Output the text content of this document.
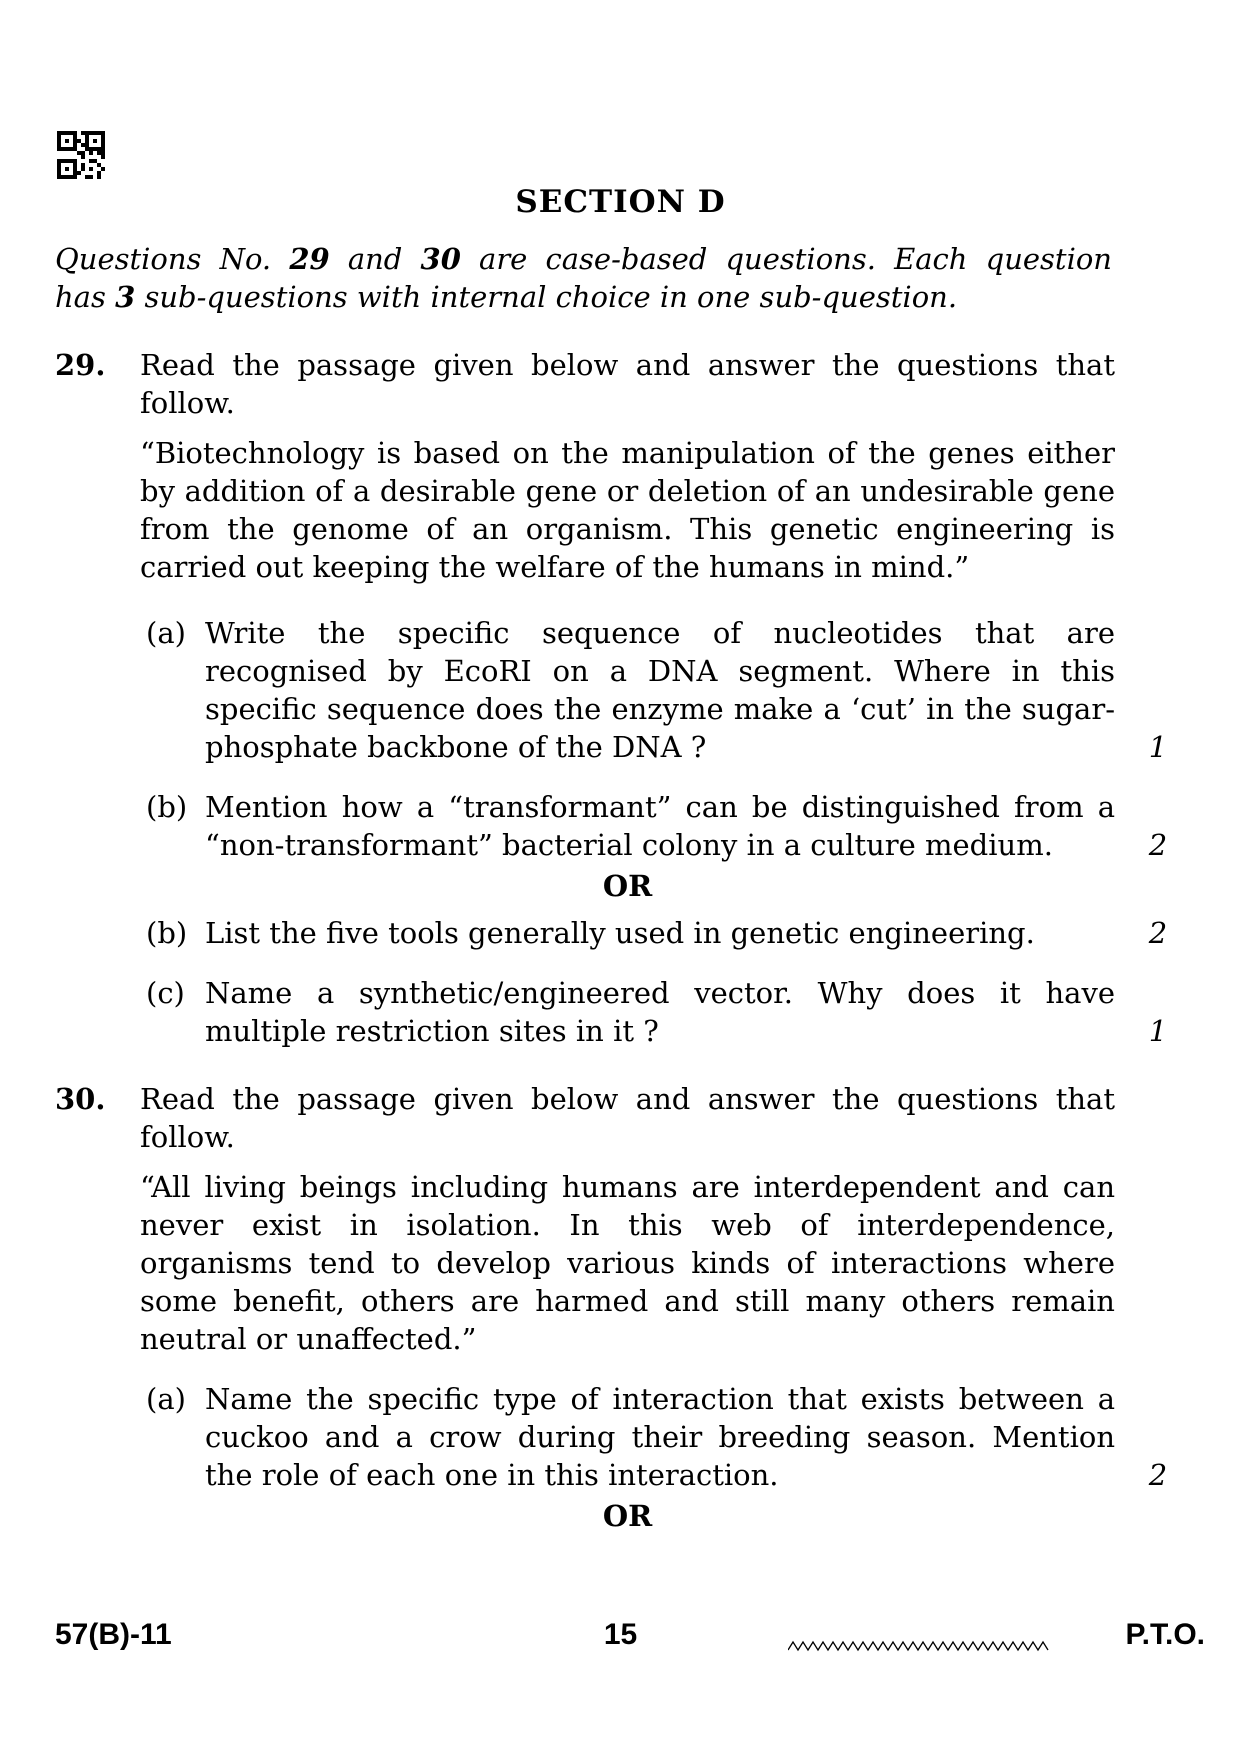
SECTION D

Questions No. 29 and 30 are case-based questions. Each question

has 3 sub-questions with internal choice in one sub-question.

29.	Read the passage given below and answer the questions that follow.

“Biotechnology is based on the manipulation of the genes either by addition of a desirable gene or deletion of an undesirable gene from the genome of an organism. This genetic engineering is carried out keeping the welfare of the humans in mind.”

(a) Write the specific sequence of nucleotides that are recognised by EcoRI on a DNA segment. Where in this specific sequence does the enzyme make a ‘cut’ in the sugar-phosphate backbone of the DNA ?	1
(b) Mention how a “transformant” can be distinguished from a “non-transformant” bacterial colony in a culture medium.	2
OR
(b) List the five tools generally used in genetic engineering.	2
(c) Name a synthetic/engineered vector. Why does it have multiple restriction sites in it ?	1
30.	Read the passage given below and answer the questions that follow.

“All living beings including humans are interdependent and can never exist in isolation. In this web of interdependence, organisms tend to develop various kinds of interactions where some benefit, others are harmed and still many others remain neutral or unaffected.”

(a) Name the specific type of interaction that exists between a cuckoo and a crow during their breeding season. Mention the role of each one in this interaction.	2
OR
57(B)-11	15	P.T.O.
